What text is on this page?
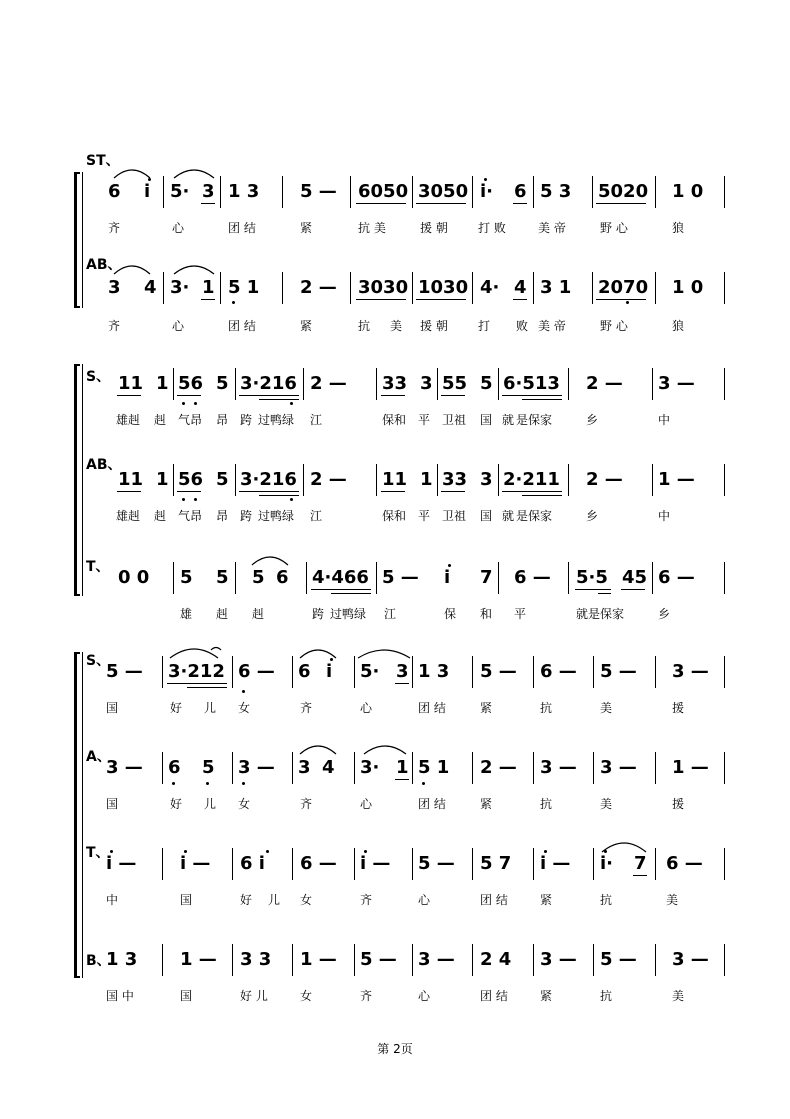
ST、
AB、
6 i 5· 3 1 3 5 — 6050 3050 i· 6 5 3 5020 1 0
齐	心	团 结	紧	抗 美	援 朝	打 败	美 帝	野 心	狼
3 4 3· 1 5 1 2 — 3030 1030 4· 4 3 1 2070 1 0
齐	心	团 结	紧	抗 美 援 朝	打 败 美 帝	野 心	狼
S、
AB、
T、
11 1 56 5 3·216 2 — 33 3 55 5 6·513 2 — 3 —
雄赳 赳 气昂 昂 跨 过鸭绿 江	保和 平 卫祖 国 就 是保家	乡	中
11 1 56 5 3·216 2 — 11 1 33 3 2·211 2 — 1 —
雄赳 赳 气昂 昂 跨 过鸭绿 江	保和 平 卫祖 国 就 是保家	乡	中
0 0 5 5 5 6 4·466 5 — i 7 6 — 5·5 45 6 —
雄 赳 赳	跨 过鸭绿 江	保 和 平	就 是保家	乡
S、
A、
T、
B、
5 — 3·212 6 — 6 i 5· 3 1 3 5 — 6 — 5 — 3 —
国	好 儿 女	齐	心	团 结	紧	抗	美	援
3 — 6 5 3 — 3 4 3· 1 5 1 2 — 3 — 3 — 1 —
国	好 儿 女	齐	心	团 结	紧	抗	美	援
i — i — 6 i 6 — i — 5 — 5 7 i — i· 7 6 —
中	国	好 儿 女	齐	心	团 结	紧	抗	美
1 3 1 — 3 3 1 — 5 — 3 — 2 4 3 — 5 — 3 —
国 中	国	好 儿	女	齐	心	团 结	紧	抗	美
第 2页
